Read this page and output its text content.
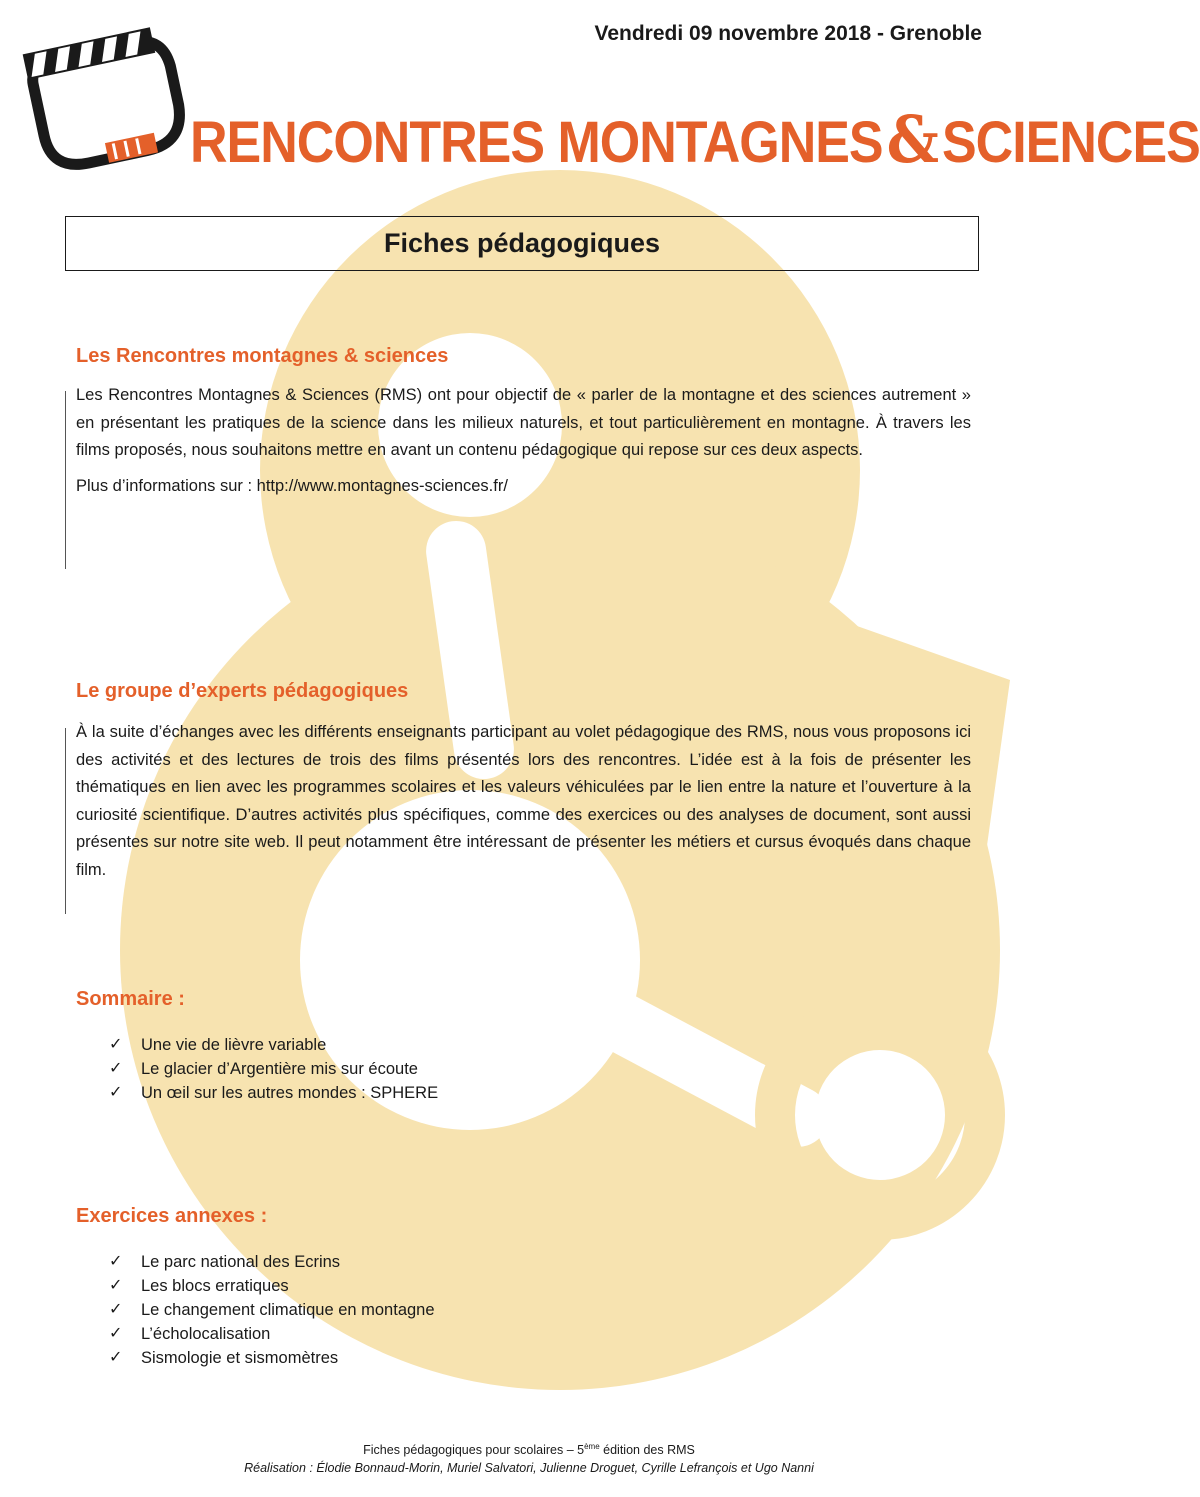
Vendredi 09 novembre 2018 - Grenoble
RENCONTRES MONTAGNES&SCIENCES
Fiches pédagogiques
Les Rencontres montagnes & sciences

Les Rencontres Montagnes & Sciences (RMS) ont pour objectif de « parler de la montagne et des sciences autrement » en présentant les pratiques de la science dans les milieux naturels, et tout particulièrement en montagne. À travers les films proposés, nous souhaitons mettre en avant un contenu pédagogique qui repose sur ces deux aspects.

Plus d’informations sur : http://www.montagnes-sciences.fr/

Le groupe d’experts pédagogiques

À la suite d’échanges avec les différents enseignants participant au volet pédagogique des RMS, nous vous proposons ici des activités et des lectures de trois des films présentés lors des rencontres. L’idée est à la fois de présenter les thématiques en lien avec les programmes scolaires et les valeurs véhiculées par le lien entre la nature et l’ouverture à la curiosité scientifique. D’autres activités plus spécifiques, comme des exercices ou des analyses de document, sont aussi présentes sur notre site web. Il peut notamment être intéressant de présenter les métiers et cursus évoqués dans chaque film.

Sommaire :
✓	Une vie de lièvre variable
✓	Le glacier d’Argentière mis sur écoute
✓	Un œil sur les autres mondes : SPHERE
Exercices annexes :
✓	Le parc national des Ecrins
✓	Les blocs erratiques
✓	Le changement climatique en montagne
✓	L’écholocalisation
✓	Sismologie et sismomètres
Fiches pédagogiques pour scolaires – 5ème édition des RMS
Réalisation : Élodie Bonnaud-Morin, Muriel Salvatori, Julienne Droguet, Cyrille Lefrançois et Ugo Nanni
